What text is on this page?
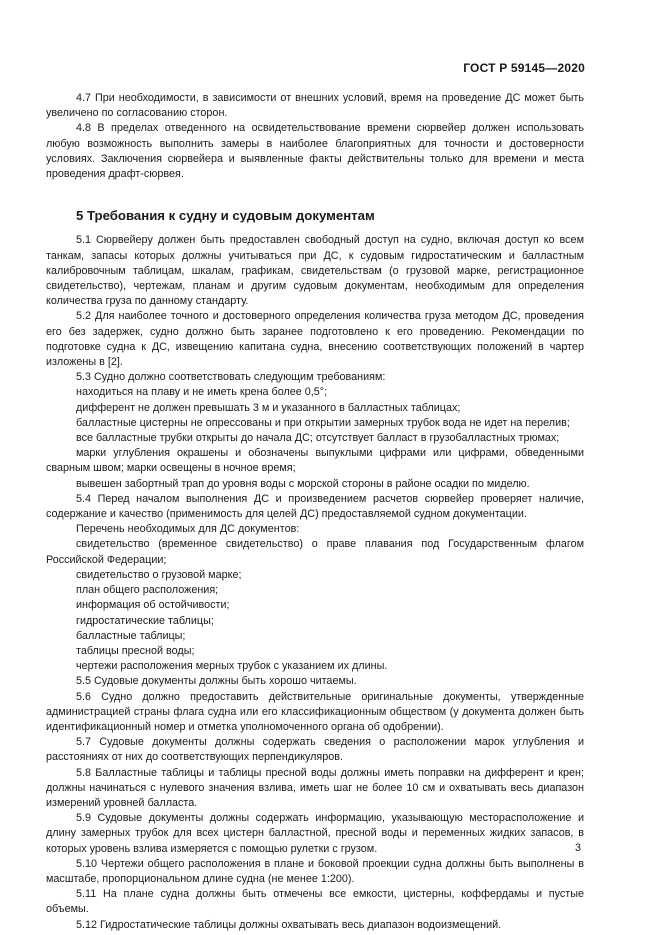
ГОСТ Р 59145—2020

4.7 При необходимости, в зависимости от внешних условий, время на проведение ДС может быть увеличено по согласованию сторон.

4.8 В пределах отведенного на освидетельствование времени сюрвейер должен использовать любую возможность выполнить замеры в наиболее благоприятных для точности и достоверности условиях. Заключения сюрвейера и выявленные факты действительны только для времени и места проведения драфт-сюрвея.

5 Требования к судну и судовым документам

5.1 Сюрвейеру должен быть предоставлен свободный доступ на судно, включая доступ ко всем танкам, запасы которых должны учитываться при ДС, к судовым гидростатическим и балластным калибровочным таблицам, шкалам, графикам, свидетельствам (о грузовой марке, регистрационное свидетельство), чертежам, планам и другим судовым документам, необходимым для определения количества груза по данному стандарту.

5.2 Для наиболее точного и достоверного определения количества груза методом ДС, проведения его без задержек, судно должно быть заранее подготовлено к его проведению. Рекомендации по подготовке судна к ДС, извещению капитана судна, внесению соответствующих положений в чартер изложены в [2].

5.3 Судно должно соответствовать следующим требованиям:

находиться на плаву и не иметь крена более 0,5°;

дифферент не должен превышать 3 м и указанного в балластных таблицах;

балластные цистерны не опрессованы и при открытии замерных трубок вода не идет на перелив;

все балластные трубки открыты до начала ДС; отсутствует балласт в грузобалластных трюмах;

марки углубления окрашены и обозначены выпуклыми цифрами или цифрами, обведенными сварным швом; марки освещены в ночное время;

вывешен забортный трап до уровня воды с морской стороны в районе осадки по миделю.

5.4 Перед началом выполнения ДС и произведением расчетов сюрвейер проверяет наличие, содержание и качество (применимость для целей ДС) предоставляемой судном документации.

Перечень необходимых для ДС документов:

свидетельство (временное свидетельство) о праве плавания под Государственным флагом Российской Федерации;

свидетельство о грузовой марке;

план общего расположения;

информация об остойчивости;

гидростатические таблицы;

балластные таблицы;

таблицы пресной воды;

чертежи расположения мерных трубок с указанием их длины.

5.5 Судовые документы должны быть хорошо читаемы.

5.6 Судно должно предоставить действительные оригинальные документы, утвержденные администрацией страны флага судна или его классификационным обществом (у документа должен быть идентификационный номер и отметка уполномоченного органа об одобрении).

5.7 Судовые документы должны содержать сведения о расположении марок углубления и расстояниях от них до соответствующих перпендикуляров.

5.8 Балластные таблицы и таблицы пресной воды должны иметь поправки на дифферент и крен; должны начинаться с нулевого значения взлива, иметь шаг не более 10 см и охватывать весь диапазон измерений уровней балласта.

5.9 Судовые документы должны содержать информацию, указывающую месторасположение и длину замерных трубок для всех цистерн балластной, пресной воды и переменных жидких запасов, в которых уровень взлива измеряется с помощью рулетки с грузом.

5.10 Чертежи общего расположения в плане и боковой проекции судна должны быть выполнены в масштабе, пропорциональном длине судна (не менее 1:200).

5.11 На плане судна должны быть отмечены все емкости, цистерны, коффердамы и пустые объемы.

5.12 Гидростатические таблицы должны охватывать весь диапазон водоизмещений.

3
